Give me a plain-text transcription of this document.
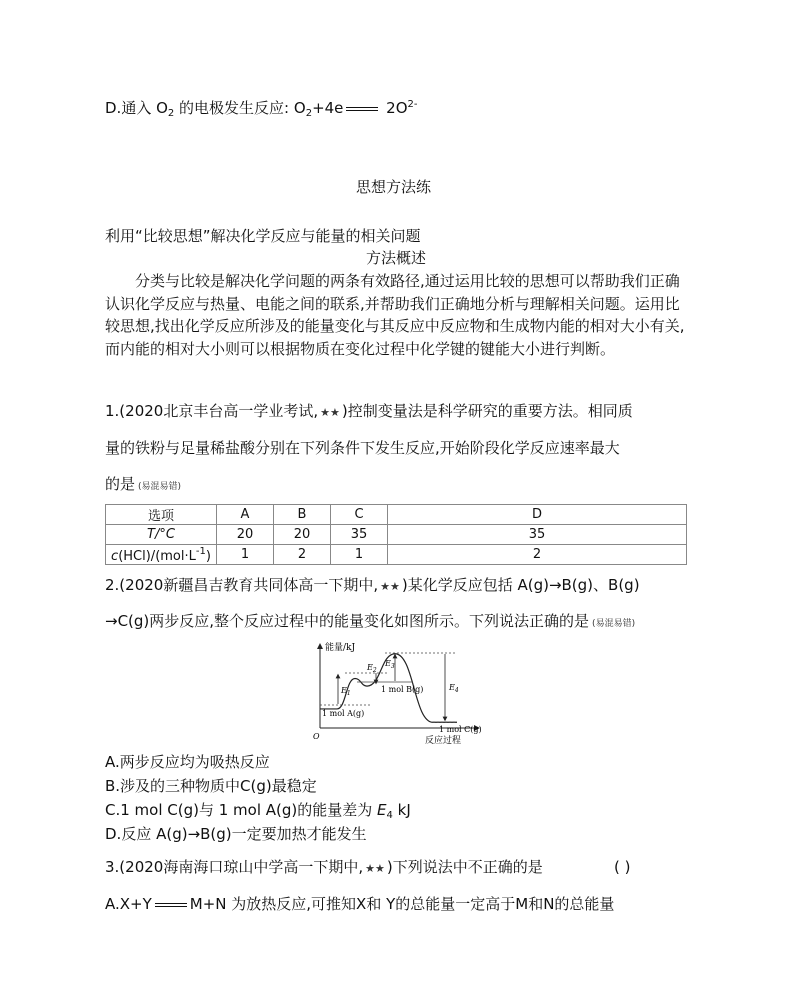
D.通入 $O_2$ 的电极发生反应: $O_2+4e$	$2O^{2-}$
思想方法练
利用“比较思想”解决化学反应与能量的相关问题
方法概述
分类与比较是解决化学问题的两条有效路径,通过运用比较的思想可以帮助我们正确认识化学反应与热量、电能之间的联系,并帮助我们正确地分析与理解相关问题。运用比较思想,找出化学反应所涉及的能量变化与其反应中反应物和生成物内能的相对大小有关,而内能的相对大小则可以根据物质在变化过程中化学键的键能大小进行判断。
1.(2020北京丰台高一学业考试, ★★ )控制变量法是科学研究的重要方法。相同质
量的铁粉与足量稀盐酸分别在下列条件下发生反应,开始阶段化学反应速率最大
的是 (易混易错)
选项	A	B	C	D
T/°C	20	20	35	35
$c(HCl)/(mol\cdot L^{-1})$	1	2	1	2
2.(2020新疆昌吉教育共同体高一下期中, ★★ )某化学反应包括 A(g)→B(g)、B(g)
→C(g)两步反应,整个反应过程中的能量变化如图所示。下列说法正确的是 (易混易错)
能量/kJ
反应过程
O
$E_1$
$E_2$
$E_3$
$E_4$
1 mol A(g)
1 mol B(g)
1 mol C(g)
A.两步反应均为吸热反应
B.涉及的三种物质中C(g)最稳定
C.1 mol C(g)与 1 mol A(g)的能量差为 $E_4$ kJ
D.反应 A(g)→B(g)一定要加热才能发生
3.(2020海南海口琼山中学高一下期中, ★★ )下列说法中不正确的是	( )
A.X+Y	M+N 为放热反应,可推知X和 Y的总能量一定高于M和N的总能量
